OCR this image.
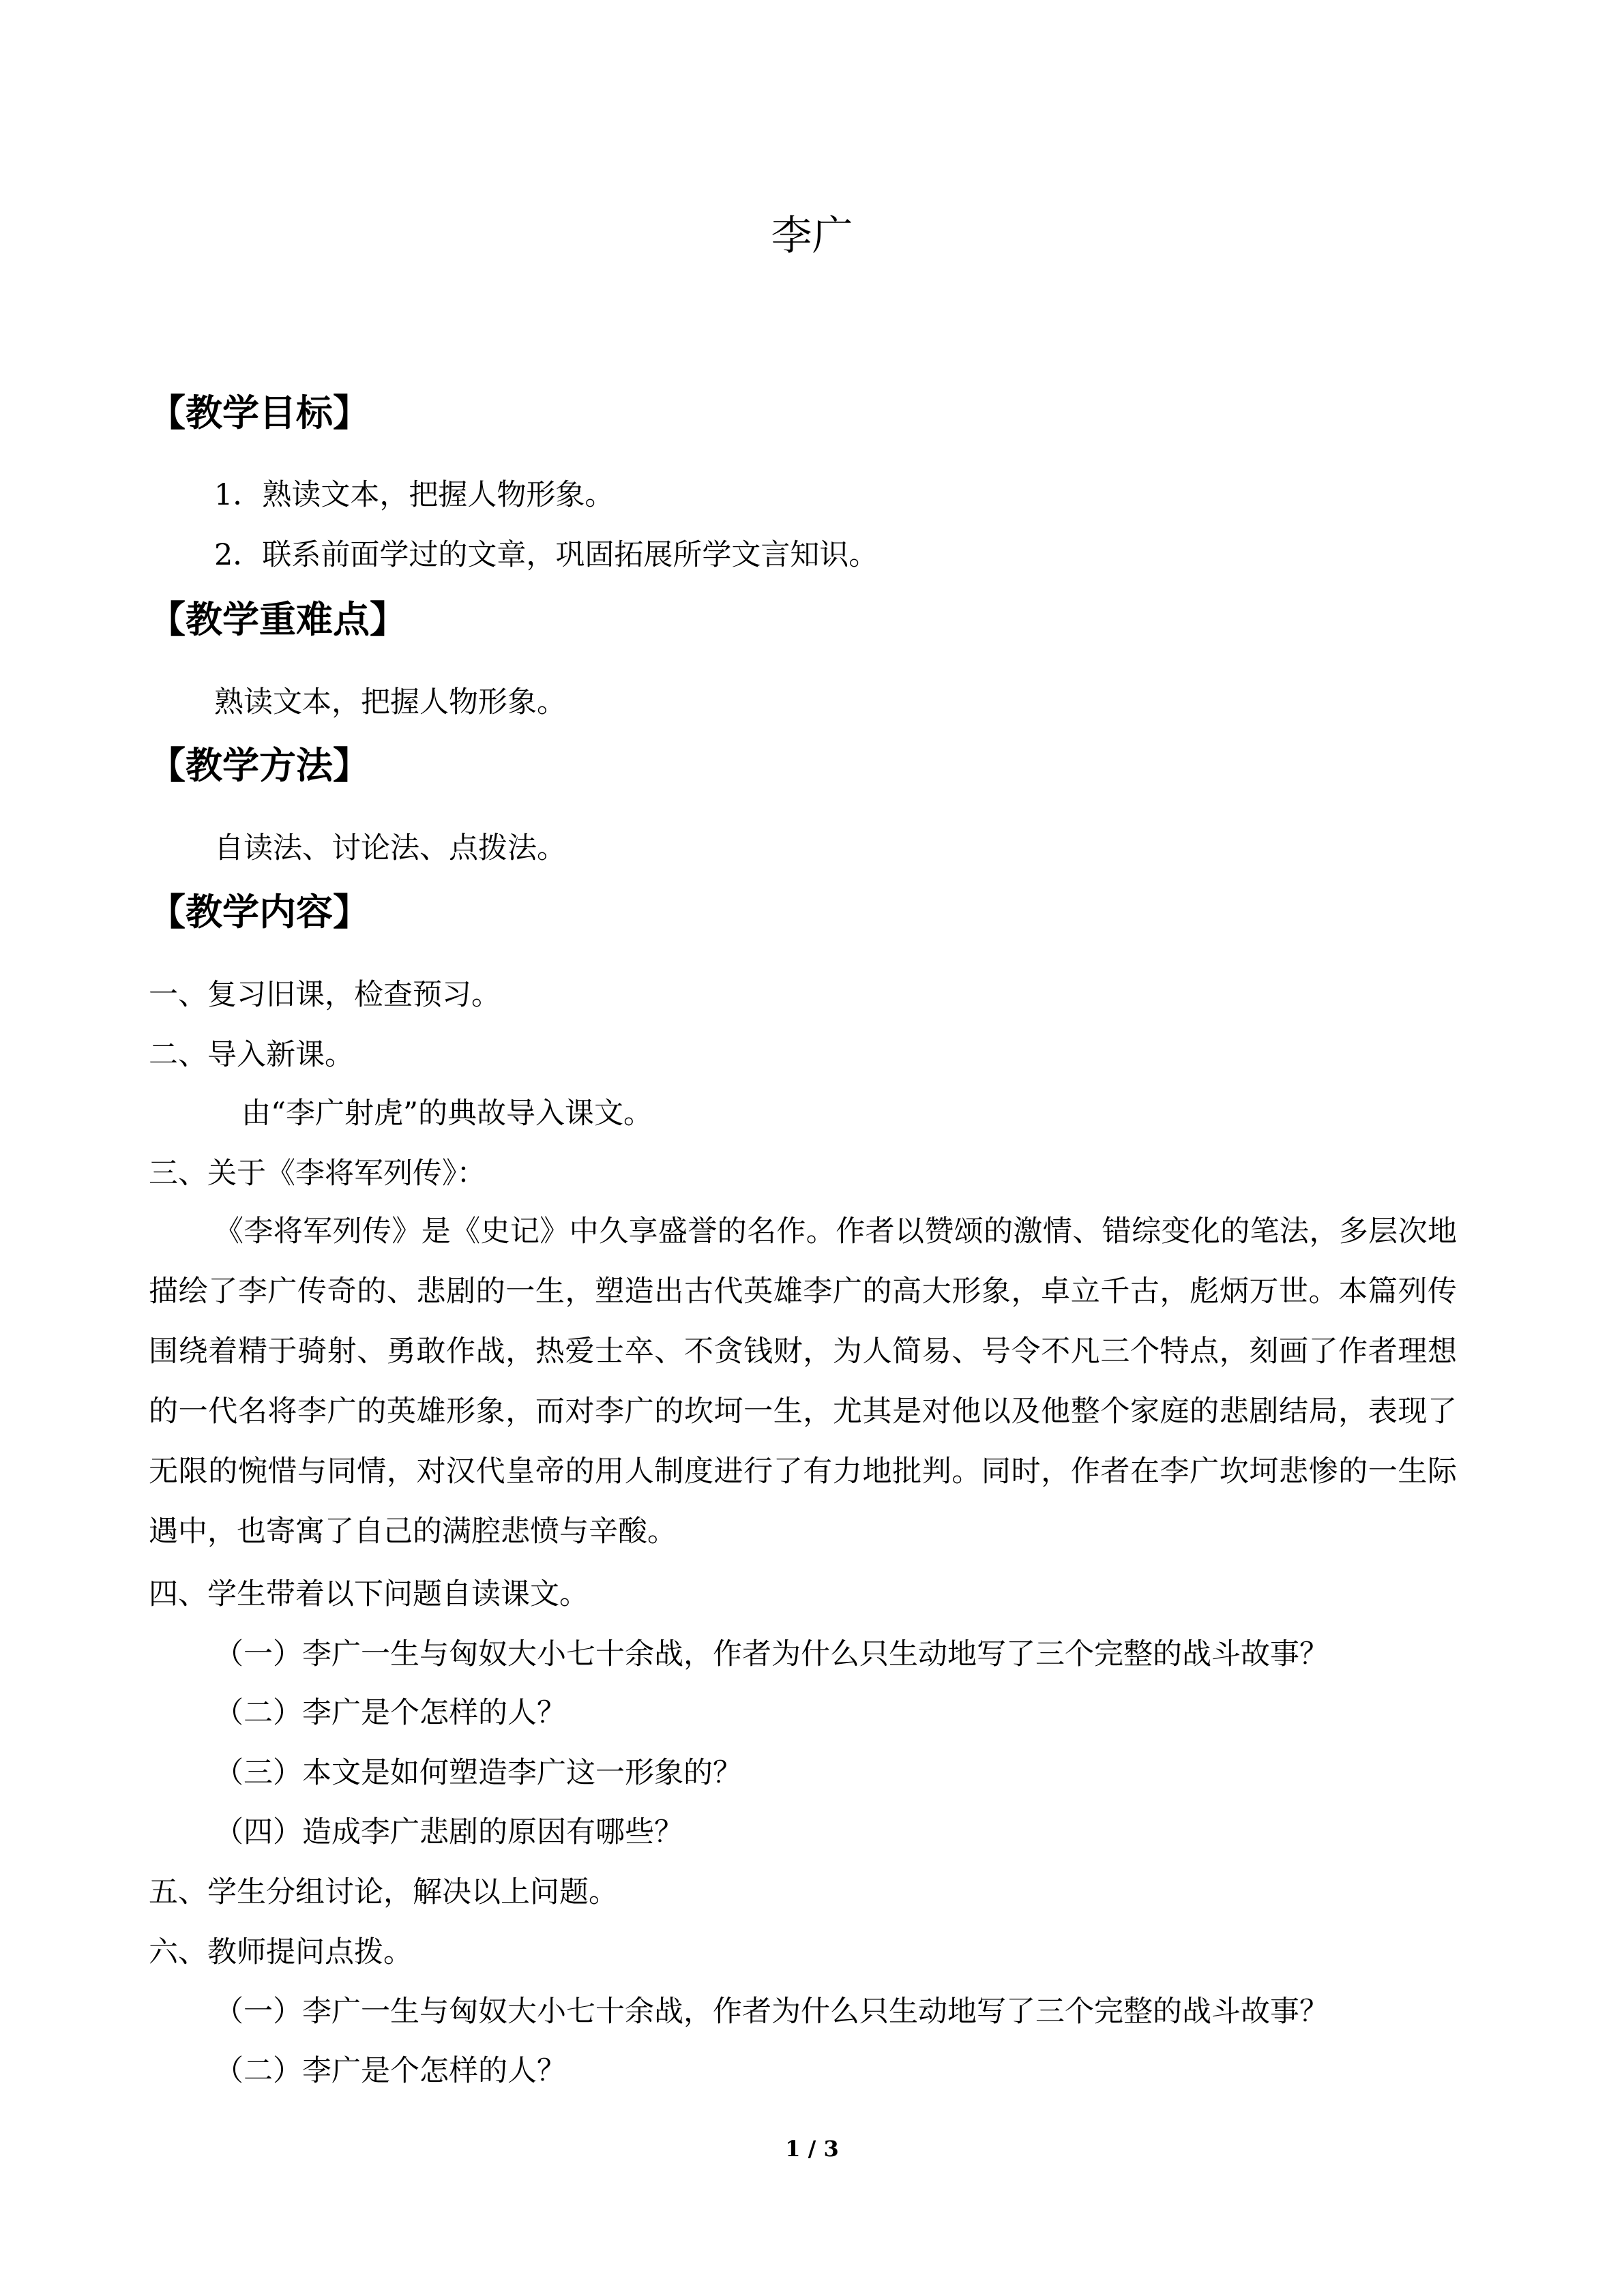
李广
【教学目标】
1．熟读文本，把握人物形象。
2．联系前面学过的文章，巩固拓展所学文言知识。
【教学重难点】
熟读文本，把握人物形象。
【教学方法】
自读法、讨论法、点拨法。
【教学内容】
一、复习旧课，检查预习。
二、导入新课。
由“李广射虎”的典故导入课文。
三、关于《李将军列传》：
《李将军列传》是《史记》中久享盛誉的名作。作者以赞颂的激情、错综变化的笔法，多层次地描绘了李广传奇的、悲剧的一生，塑造出古代英雄李广的高大形象，卓立千古，彪炳万世。本篇列传围绕着精于骑射、勇敢作战，热爱士卒、不贪钱财，为人简易、号令不凡三个特点，刻画了作者理想的一代名将李广的英雄形象，而对李广的坎坷一生，尤其是对他以及他整个家庭的悲剧结局，表现了无限的惋惜与同情，对汉代皇帝的用人制度进行了有力地批判。同时，作者在李广坎坷悲惨的一生际遇中，也寄寓了自己的满腔悲愤与辛酸。
四、学生带着以下问题自读课文。
（一）李广一生与匈奴大小七十余战，作者为什么只生动地写了三个完整的战斗故事？
（二）李广是个怎样的人？
（三）本文是如何塑造李广这一形象的？
（四）造成李广悲剧的原因有哪些？
五、学生分组讨论，解决以上问题。
六、教师提问点拨。
（一）李广一生与匈奴大小七十余战，作者为什么只生动地写了三个完整的战斗故事？
（二）李广是个怎样的人？
1 / 3
